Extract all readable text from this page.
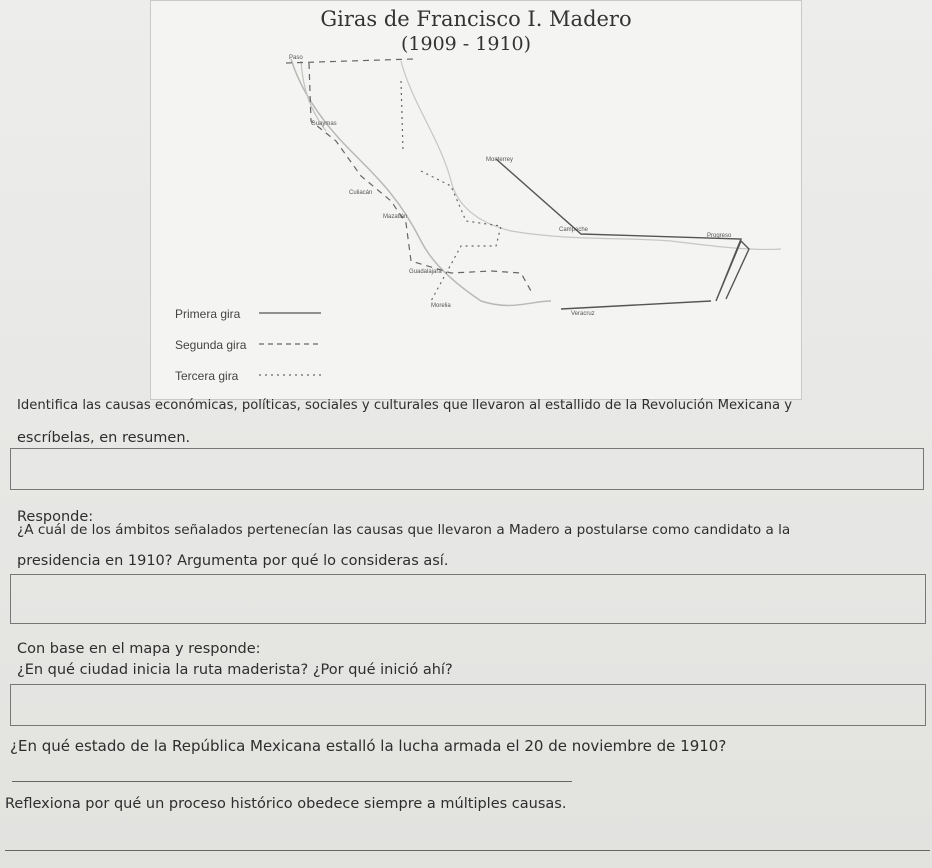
Paso
Guaymas
Culiacán
Mazatlán
Monterrey
Campeche
Progreso
Guadalajara
Morelia
Veracruz
Giras de Francisco I. Madero
(1909 - 1910)
Primera gira
Segunda gira
Tercera gira
Identifica las causas económicas, políticas, sociales y culturales que llevaron al estallido de la Revolución Mexicana y
escríbelas, en resumen.
Responde:
¿A cuál de los ámbitos señalados pertenecían las causas que llevaron a Madero a postularse como candidato a la
presidencia en 1910? Argumenta por qué lo consideras así.
Con base en el mapa y responde:
¿En qué ciudad inicia la ruta maderista? ¿Por qué inició ahí?
¿En qué estado de la República Mexicana estalló la lucha armada el 20 de noviembre de 1910?
Reflexiona por qué un proceso histórico obedece siempre a múltiples causas.
